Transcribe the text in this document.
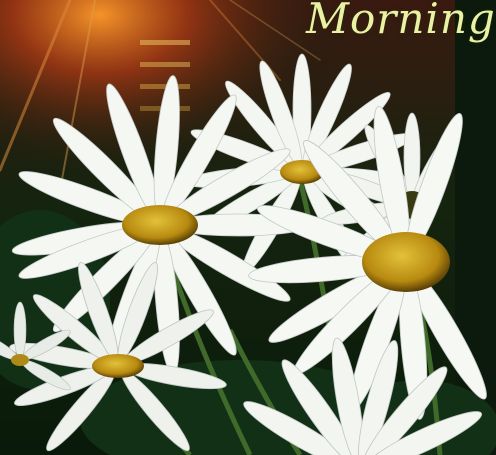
Morning
